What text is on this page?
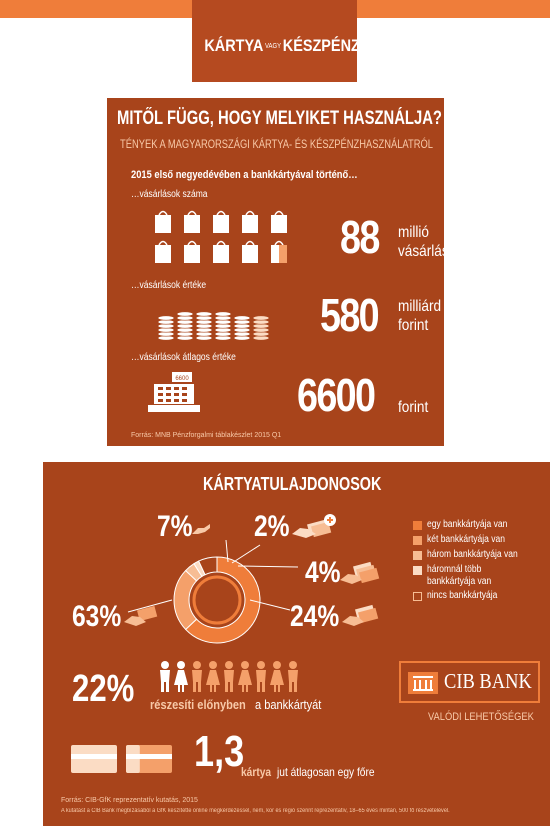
KÁRTYA VAGYKÉSZPÉNZ?
MITŐL FÜGG, HOGY MELYIKET HASZNÁLJA?
TÉNYEK A MAGYARORSZÁGI KÁRTYA- ÉS KÉSZPÉNZHASZNÁLATRÓL
2015 első negyedévében a bankkártyával történő…
…vásárlások száma
88 millió
vásárlás
…vásárlások értéke
580 milliárd
forint
…vásárlások átlagos értéke
6600 6600 forint
Forrás: MNB Pénzforgalmi táblakészlet 2015 Q1
KÁRTYATULAJDONOSOK
7% 2%
4%
24%
63%
egy bankkártyája van
két bankkártyája van
három bankkártyája van
háromnál több
bankkártyája van
nincs bankkártyája
22% részesíti előnyben a bankkártyát
CIB BANK
VALÓDI LEHETŐSÉGEK
1,3
kártya jut átlagosan egy főre
Forrás: CIB-GfK reprezentatív kutatás, 2015
A kutatást a CIB Bank megbízásából a GfK készítette online megkérdezéssel, nem, kor és régió szerint reprezentatív, 18–65 éves mintán, 500 fő részvételével.
